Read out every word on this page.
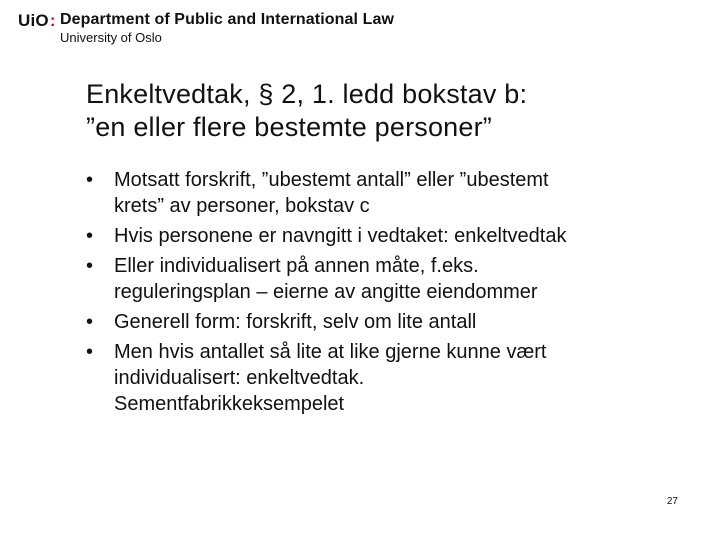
UiO: Department of Public and International Law
University of Oslo
Enkeltvedtak, § 2, 1. ledd bokstav b:
”en eller flere bestemte personer”
• Motsatt forskrift, ”ubestemt antall” eller ”ubestemt
krets” av personer, bokstav c
• Hvis personene er navngitt i vedtaket: enkeltvedtak
• Eller individualisert på annen måte, f.eks.
reguleringsplan – eierne av angitte eiendommer
• Generell form: forskrift, selv om lite antall
• Men hvis antallet så lite at like gjerne kunne vært
individualisert: enkeltvedtak.
Sementfabrikkeksempelet
27
